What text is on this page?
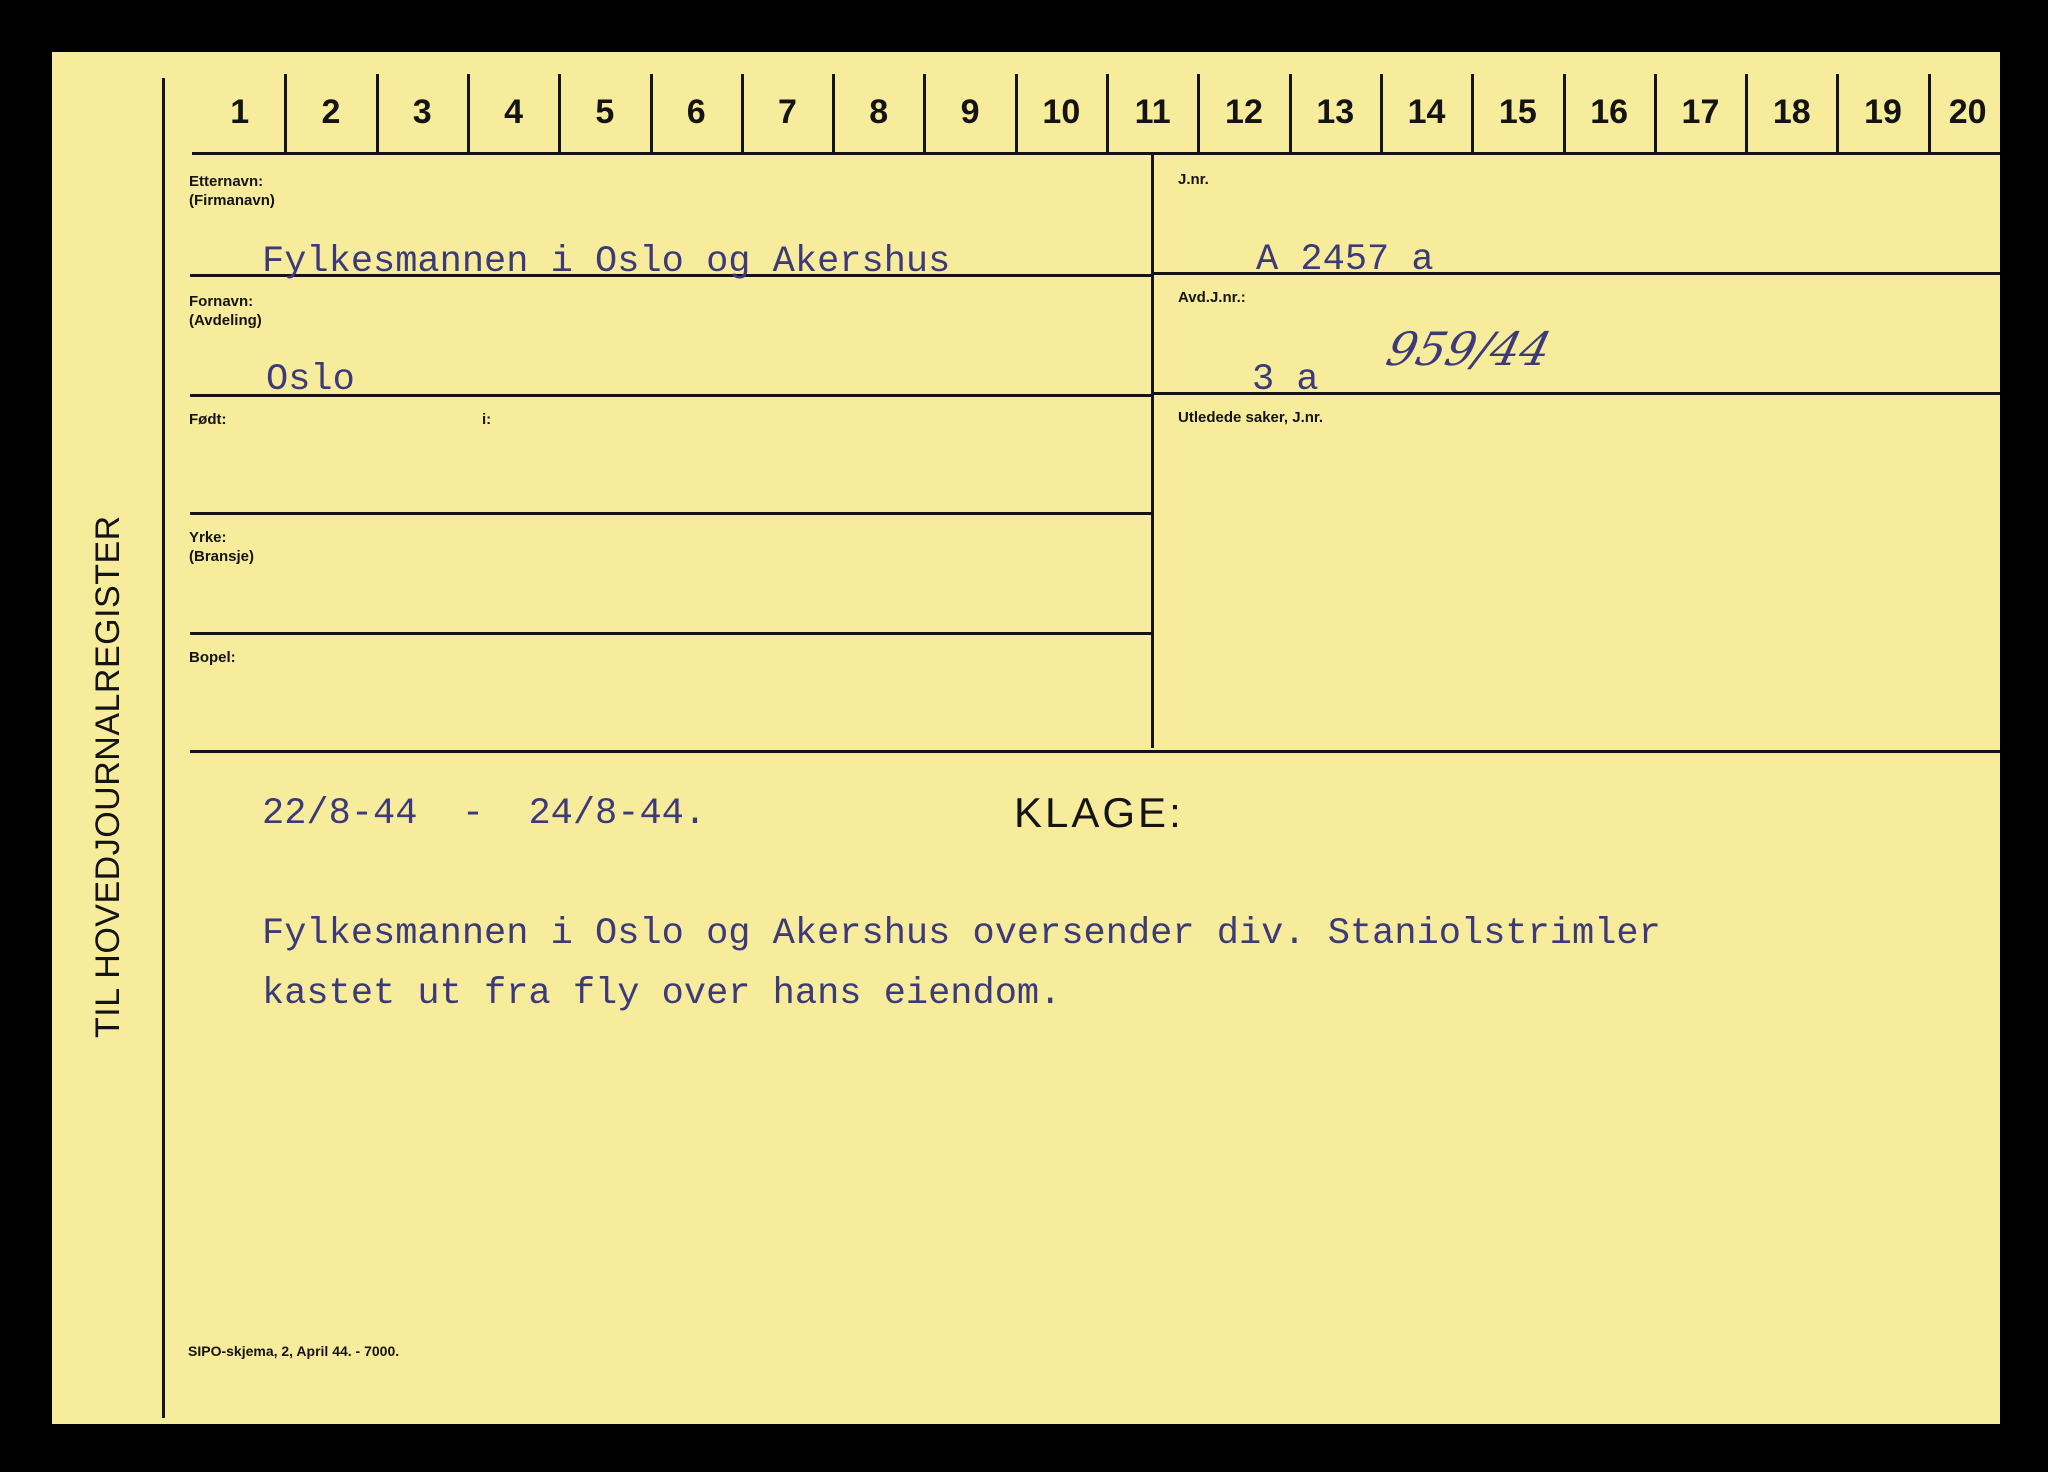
TIL HOVEDJOURNALREGISTER
Etternavn:
(Firmanavn)
Fylkesmannen i Oslo og Akershus
Fornavn:
(Avdeling)
Oslo
Født:	i:
Yrke:
(Bransje)
Bopel:
J.nr.
A 2457 a
Avd.J.nr.:
3 a
959/44
Utledede saker, J.nr.
22/8-44  -  24/8-44.	KLAGE:
Fylkesmannen i Oslo og Akershus oversender div. Staniolstrimler
kastet ut fra fly over hans eiendom.
SIPO-skjema, 2, April 44. - 7000.
1	2	3	4	5	6	7	8	9	10	11	12	13	14	15	16	17	18	19	20
